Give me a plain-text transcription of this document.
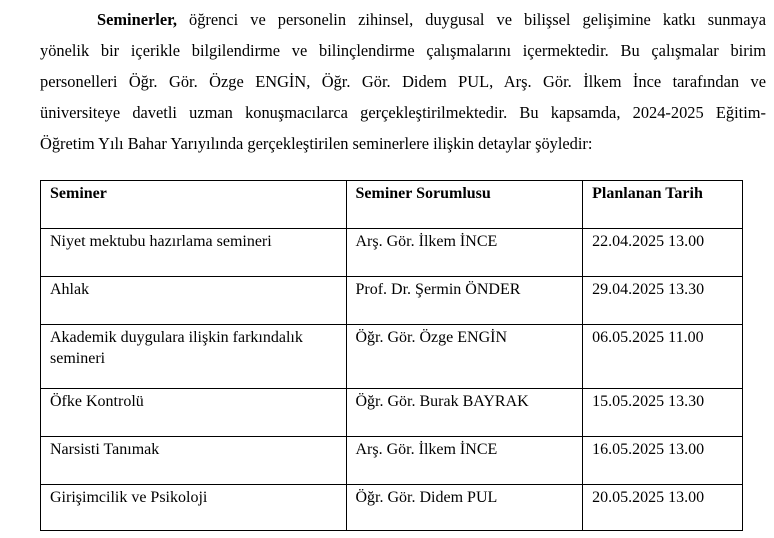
Seminerler, öğrenci ve personelin zihinsel, duygusal ve bilişsel gelişimine katkı sunmaya
yönelik bir içerikle bilgilendirme ve bilinçlendirme çalışmalarını içermektedir. Bu çalışmalar birim
personelleri Öğr. Gör. Özge ENGİN, Öğr. Gör. Didem PUL, Arş. Gör. İlkem İnce tarafından ve
üniversiteye davetli uzman konuşmacılarca gerçekleştirilmektedir. Bu kapsamda, 2024-2025 Eğitim-
Öğretim Yılı Bahar Yarıyılında gerçekleştirilen seminerlere ilişkin detaylar şöyledir:
Seminer	Seminer Sorumlusu	Planlanan Tarih
Niyet mektubu hazırlama semineri	Arş. Gör. İlkem İNCE	22.04.2025 13.00
Ahlak	Prof. Dr. Şermin ÖNDER	29.04.2025 13.30
Akademik duygulara ilişkin farkındalık
semineri	Öğr. Gör. Özge ENGİN	06.05.2025 11.00
Öfke Kontrolü	Öğr. Gör. Burak BAYRAK	15.05.2025 13.30
Narsisti Tanımak	Arş. Gör. İlkem İNCE	16.05.2025 13.00
Girişimcilik ve Psikoloji	Öğr. Gör. Didem PUL	20.05.2025 13.00
